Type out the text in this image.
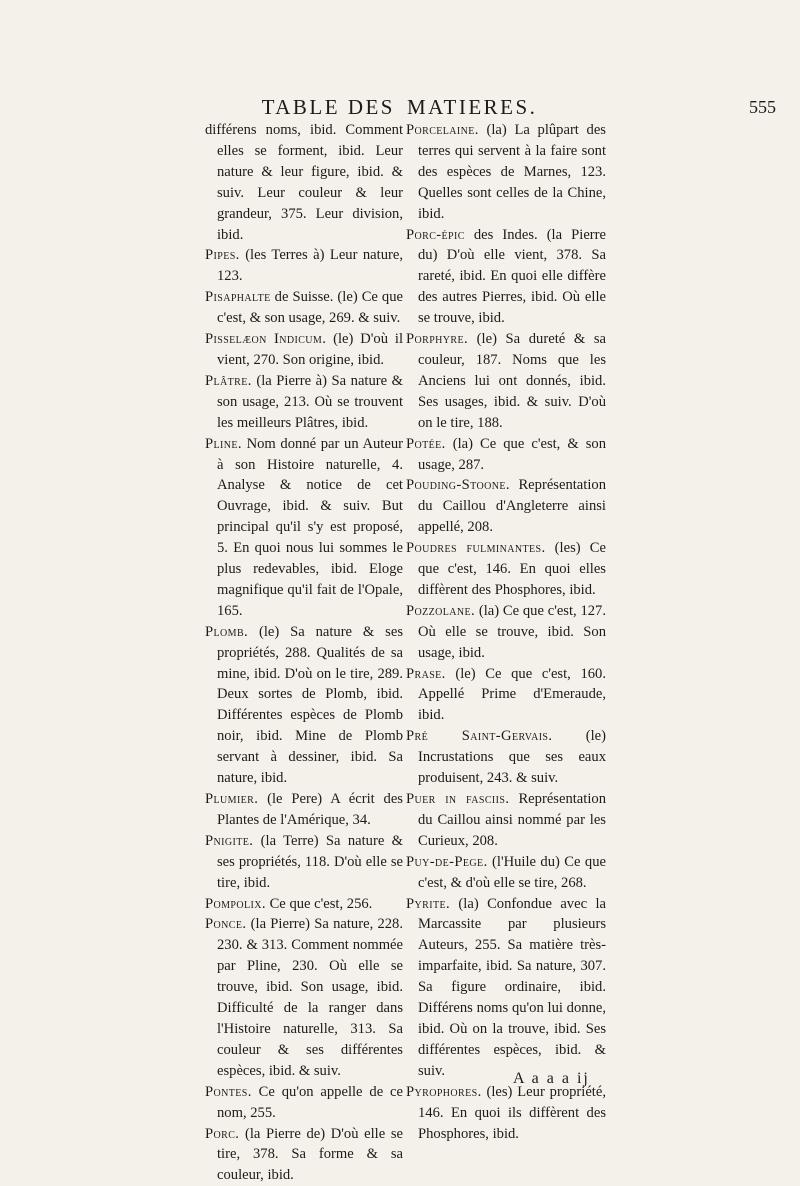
TABLE DES MATIERES.	555

différens noms, ibid. Comment elles se forment, ibid. Leur nature & leur figure, ibid. & suiv. Leur couleur & leur grandeur, 375. Leur division, ibid.

Pipes. (les Terres à) Leur nature, 123.

Pisaphalte de Suisse. (le) Ce que c'est, & son usage, 269. & suiv.

Pisselæon Indicum. (le) D'où il vient, 270. Son origine, ibid.

Plâtre. (la Pierre à) Sa nature & son usage, 213. Où se trouvent les meilleurs Plâtres, ibid.

Pline. Nom donné par un Auteur à son Histoire naturelle, 4. Analyse & notice de cet Ouvrage, ibid. & suiv. But principal qu'il s'y est proposé, 5. En quoi nous lui sommes le plus redevables, ibid. Eloge magnifique qu'il fait de l'Opale, 165.

Plomb. (le) Sa nature & ses propriétés, 288. Qualités de sa mine, ibid. D'où on le tire, 289. Deux sortes de Plomb, ibid. Différentes espèces de Plomb noir, ibid. Mine de Plomb servant à dessiner, ibid. Sa nature, ibid.

Plumier. (le Pere) A écrit des Plantes de l'Amérique, 34.

Pnigite. (la Terre) Sa nature & ses propriétés, 118. D'où elle se tire, ibid.

Pompolix. Ce que c'est, 256.

Ponce. (la Pierre) Sa nature, 228. 230. & 313. Comment nommée par Pline, 230. Où elle se trouve, ibid. Son usage, ibid. Difficulté de la ranger dans l'Histoire naturelle, 313. Sa couleur & ses différentes espèces, ibid. & suiv.

Pontes. Ce qu'on appelle de ce nom, 255.

Porc. (la Pierre de) D'où elle se tire, 378. Sa forme & sa couleur, ibid.

Porcelaine. (la) La plûpart des terres qui servent à la faire sont des espèces de Marnes, 123. Quelles sont celles de la Chine, ibid.

Porc-épic des Indes. (la Pierre du) D'où elle vient, 378. Sa rareté, ibid. En quoi elle diffère des autres Pierres, ibid. Où elle se trouve, ibid.

Porphyre. (le) Sa dureté & sa couleur, 187. Noms que les Anciens lui ont donnés, ibid. Ses usages, ibid. & suiv. D'où on le tire, 188.

Potée. (la) Ce que c'est, & son usage, 287.

Pouding-Stoone. Représentation du Caillou d'Angleterre ainsi appellé, 208.

Poudres fulminantes. (les) Ce que c'est, 146. En quoi elles diffèrent des Phosphores, ibid.

Pozzolane. (la) Ce que c'est, 127. Où elle se trouve, ibid. Son usage, ibid.

Prase. (le) Ce que c'est, 160. Appellé Prime d'Emeraude, ibid.

Pré Saint-Gervais. (le) Incrustations que ses eaux produisent, 243. & suiv.

Puer in fasciis. Représentation du Caillou ainsi nommé par les Curieux, 208.

Puy-de-Pege. (l'Huile du) Ce que c'est, & d'où elle se tire, 268.

Pyrite. (la) Confondue avec la Marcassite par plusieurs Auteurs, 255. Sa matière très-imparfaite, ibid. Sa nature, 307. Sa figure ordinaire, ibid. Différens noms qu'on lui donne, ibid. Où on la trouve, ibid. Ses différentes espèces, ibid. & suiv.

Pyrophores. (les) Leur propriété, 146. En quoi ils diffèrent des Phosphores, ibid.

A a a a ij
